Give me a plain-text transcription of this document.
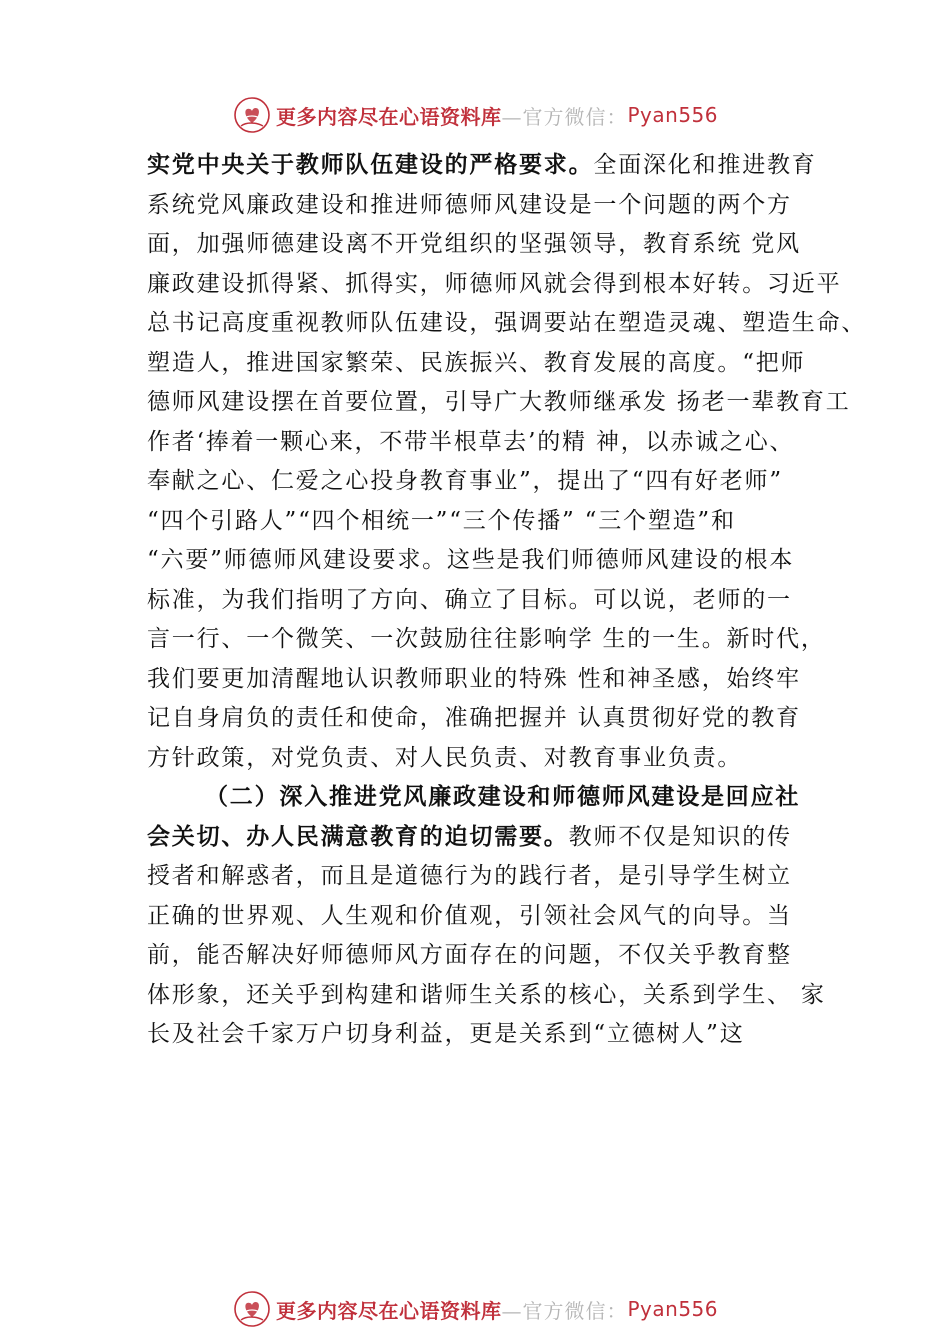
更多内容尽在心语资料库 —官方微信： Pyan556
实党中央关于教师队伍建设的严格要求。全面深化和推进教育
系统党风廉政建设和推进师德师风建设是一个问题的两个方
面，加强师德建设离不开党组织的坚强领导，教育系统 党风
廉政建设抓得紧、抓得实，师德师风就会得到根本好转。习近平
总书记高度重视教师队伍建设，强调要站在塑造灵魂、塑造生命、
塑造人，推进国家繁荣、民族振兴、教育发展的高度。“把师
德师风建设摆在首要位置，引导广大教师继承发 扬老一辈教育工
作者‘捧着一颗心来，不带半根草去’的精 神，以赤诚之心、
奉献之心、仁爱之心投身教育事业”，提出了“四有好老师”
“四个引路人”“四个相统一”“三个传播” “三个塑造”和
“六要”师德师风建设要求。这些是我们师德师风建设的根本
标准，为我们指明了方向、确立了目标。可以说，老师的一
言一行、一个微笑、一次鼓励往往影响学 生的一生。新时代，
我们要更加清醒地认识教师职业的特殊 性和神圣感，始终牢
记自身肩负的责任和使命，准确把握并 认真贯彻好党的教育
方针政策，对党负责、对人民负责、对教育事业负责。
（二）深入推进党风廉政建设和师德师风建设是回应社
会关切、办人民满意教育的迫切需要。教师不仅是知识的传
授者和解惑者，而且是道德行为的践行者，是引导学生树立
正确的世界观、人生观和价值观，引领社会风气的向导。当
前，能否解决好师德师风方面存在的问题，不仅关乎教育整
体形象，还关乎到构建和谐师生关系的核心，关系到学生、 家
长及社会千家万户切身利益，更是关系到“立德树人”这
更多内容尽在心语资料库 —官方微信： Pyan556
